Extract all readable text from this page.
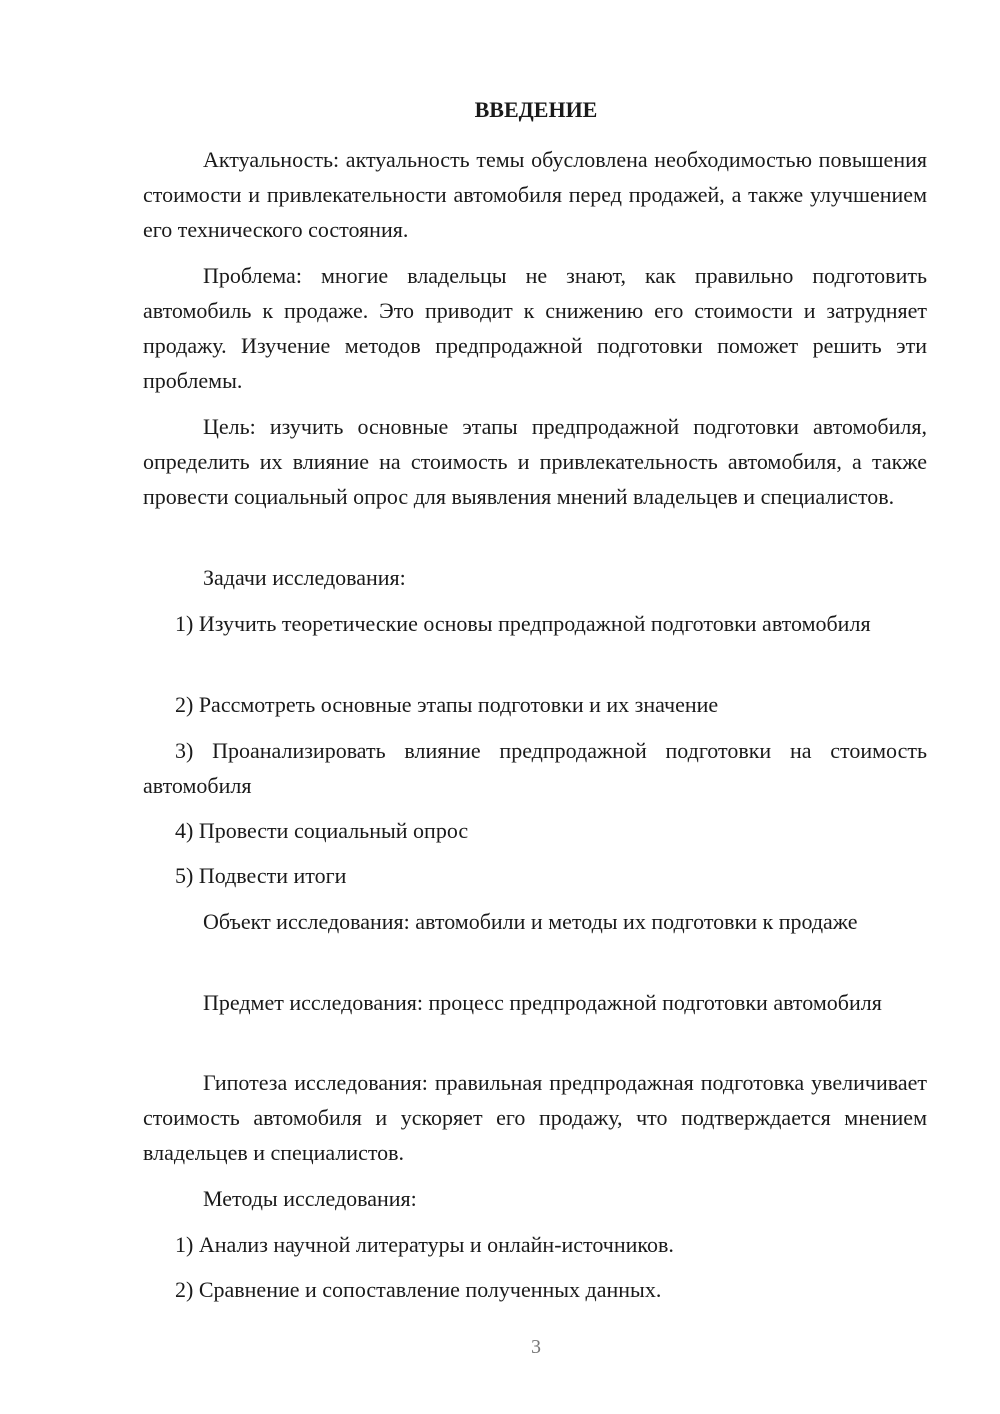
ВВЕДЕНИЕ

Актуальность: актуальность темы обусловлена необходимостью повышения стоимости и привлекательности автомобиля перед продажей, а также улучшением его технического состояния.

Проблема: многие владельцы не знают, как правильно подготовить автомобиль к продаже. Это приводит к снижению его стоимости и затрудняет продажу. Изучение методов предпродажной подготовки поможет решить эти проблемы.

Цель: изучить основные этапы предпродажной подготовки автомобиля, определить их влияние на стоимость и привлекательность автомобиля, а также провести социальный опрос для выявления мнений владельцев и специалистов.

Задачи исследования:

1) Изучить теоретические основы предпродажной подготовки автомобиля

2) Рассмотреть основные этапы подготовки и их значение

3) Проанализировать влияние предпродажной подготовки на стоимость автомобиля

4) Провести социальный опрос

5) Подвести итоги

Объект исследования: автомобили и методы их подготовки к продаже

Предмет исследования: процесс предпродажной подготовки автомобиля

Гипотеза исследования: правильная предпродажная подготовка увеличивает стоимость автомобиля и ускоряет его продажу, что подтверждается мнением владельцев и специалистов.

Методы исследования:

1) Анализ научной литературы и онлайн-источников.

2) Сравнение и сопоставление полученных данных.

3
